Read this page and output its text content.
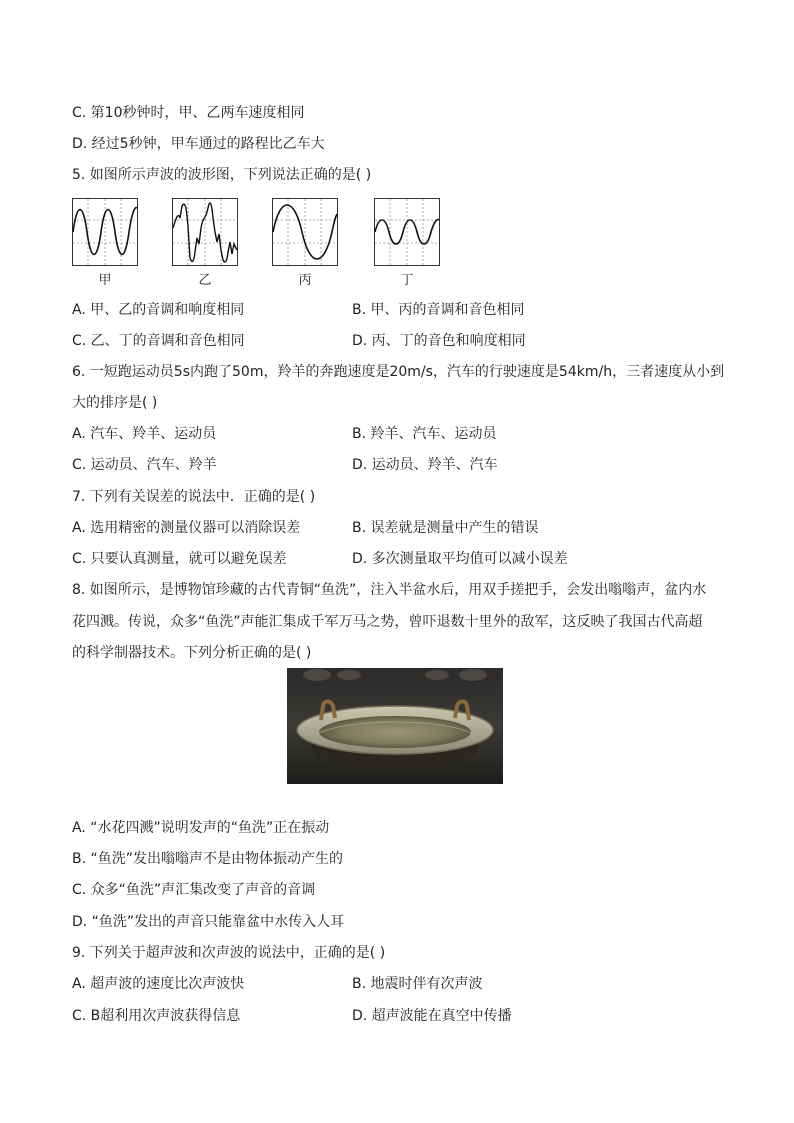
C. 第10秒钟时，甲、乙两车速度相同
D. 经过5秒钟，甲车通过的路程比乙车大
5. 如图所示声波的波形图，下列说法正确的是( )
甲	乙	丙	丁
A. 甲、乙的音调和响度相同	B. 甲、丙的音调和音色相同
C. 乙、丁的音调和音色相同	D. 丙、丁的音色和响度相同
6. 一短跑运动员5s内跑了50m，羚羊的奔跑速度是20m/s，汽车的行驶速度是54km/h，三者速度从小到
大的排序是( )
A. 汽车、羚羊、运动员	B. 羚羊、汽车、运动员
C. 运动员、汽车、羚羊	D. 运动员、羚羊、汽车
7. 下列有关误差的说法中．正确的是( )
A. 选用精密的测量仪器可以消除误差	B. 误差就是测量中产生的错误
C. 只要认真测量，就可以避免误差	D. 多次测量取平均值可以减小误差
8. 如图所示，是博物馆珍藏的古代青铜“鱼洗”，注入半盆水后，用双手搓把手，会发出嗡嗡声，盆内水
花四溅。传说，众多“鱼洗”声能汇集成千军万马之势，曾吓退数十里外的敌军，这反映了我国古代高超
的科学制器技术。下列分析正确的是( )
A. “水花四溅”说明发声的“鱼洗”正在振动
B. “鱼洗”发出嗡嗡声不是由物体振动产生的
C. 众多“鱼洗”声汇集改变了声音的音调
D. “鱼洗”发出的声音只能靠盆中水传入人耳
9. 下列关于超声波和次声波的说法中，正确的是( )
A. 超声波的速度比次声波快	B. 地震时伴有次声波
C. B超利用次声波获得信息	D. 超声波能在真空中传播
